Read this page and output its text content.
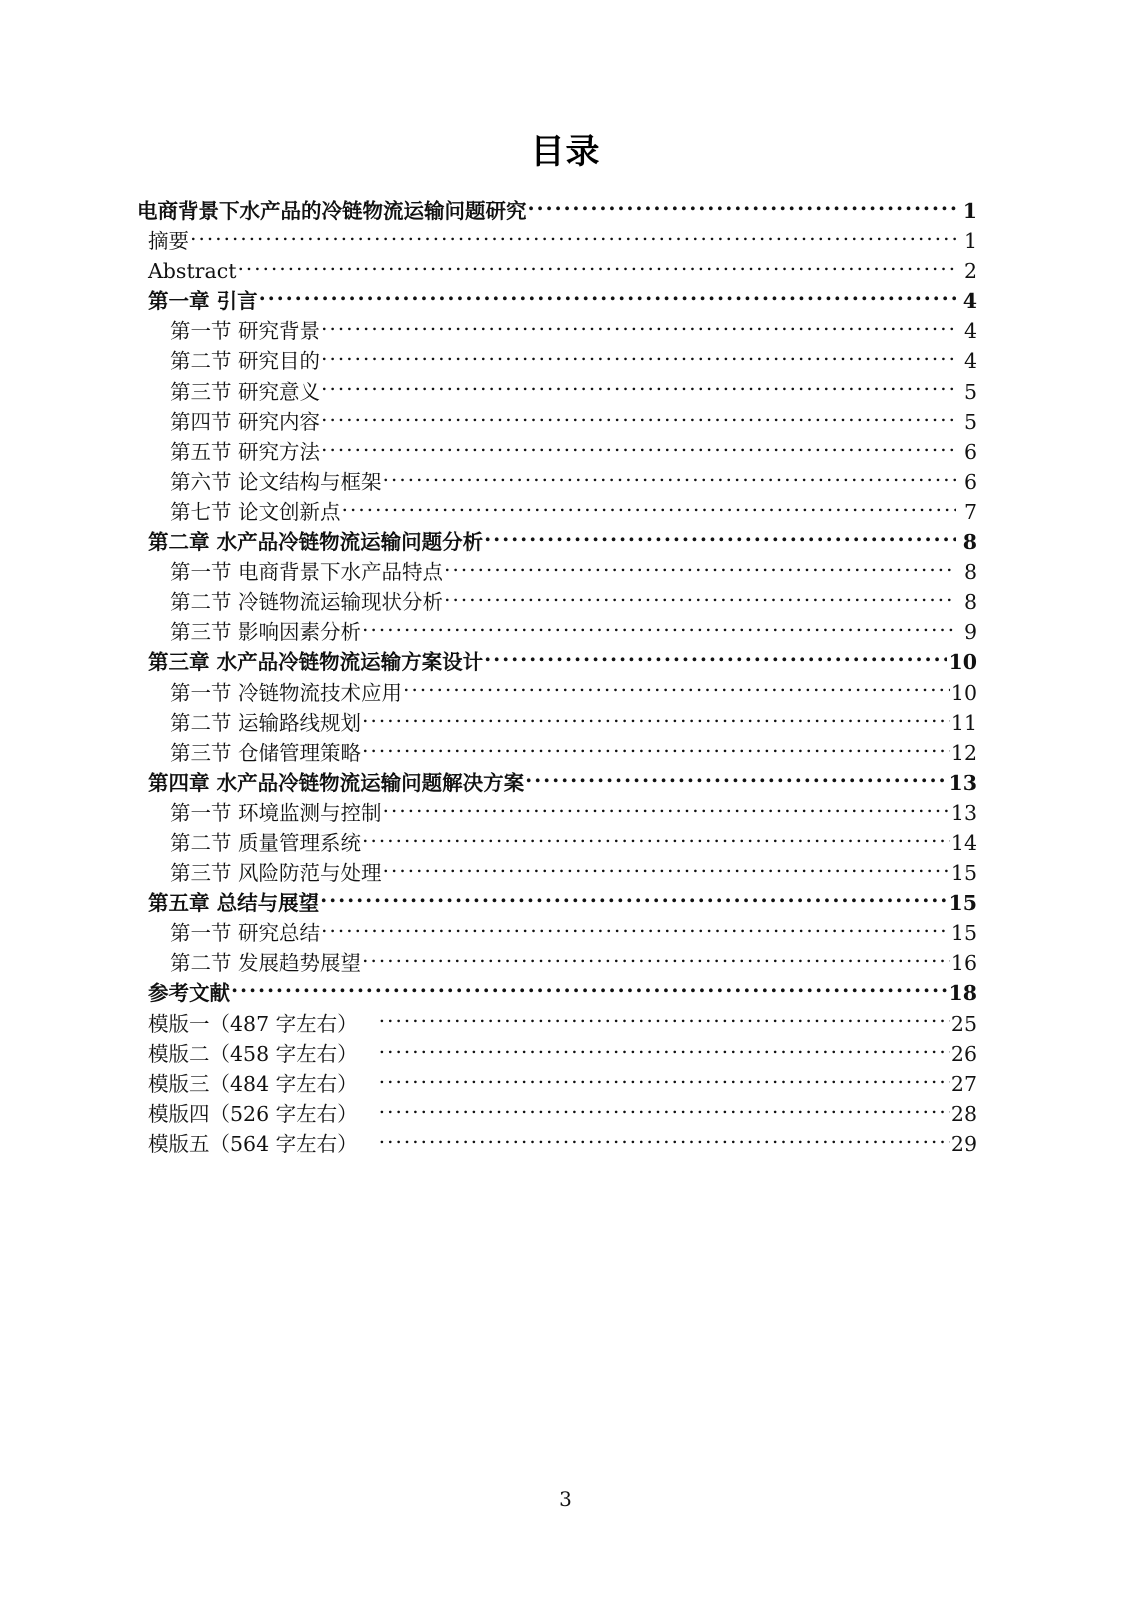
目录
电商背景下水产品的冷链物流运输问题研究 .....	1
摘要 .....	1
Abstract .....	2
第一章 引言 .....	4
第一节 研究背景 .....	4
第二节 研究目的 .....	4
第三节 研究意义 .....	5
第四节 研究内容 .....	5
第五节 研究方法 .....	6
第六节 论文结构与框架 .....	6
第七节 论文创新点 .....	7
第二章 水产品冷链物流运输问题分析 .....	8
第一节 电商背景下水产品特点 .....	8
第二节 冷链物流运输现状分析 .....	8
第三节 影响因素分析 .....	9
第三章 水产品冷链物流运输方案设计 .....	10
第一节 冷链物流技术应用 .....	10
第二节 运输路线规划 .....	11
第三节 仓储管理策略 .....	12
第四章 水产品冷链物流运输问题解决方案 .....	13
第一节 环境监测与控制 .....	13
第二节 质量管理系统 .....	14
第三节 风险防范与处理 .....	15
第五章 总结与展望 .....	15
第一节 研究总结 .....	15
第二节 发展趋势展望 .....	16
参考文献 .....	18
模版一（487 字左右） .....	25
模版二（458 字左右） .....	26
模版三（484 字左右） .....	27
模版四（526 字左右） .....	28
模版五（564 字左右） .....	29
3
